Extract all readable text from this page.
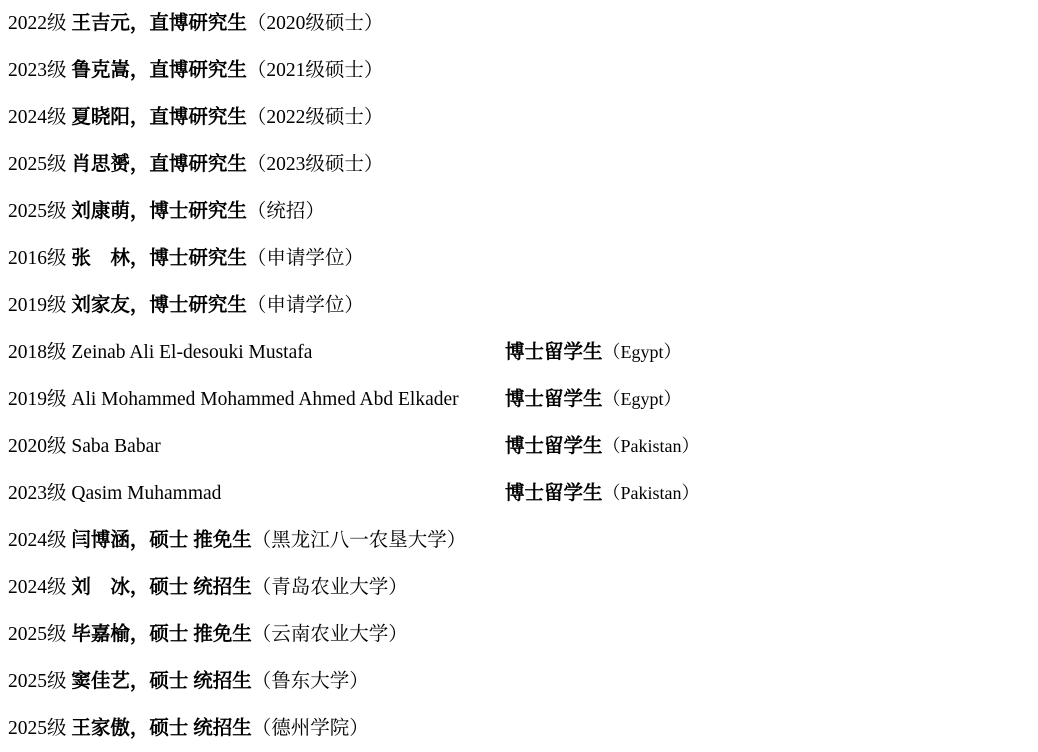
2022级 王吉元，直博研究生（2020级硕士）
2023级 鲁克嵩，直博研究生（2021级硕士）
2024级 夏晓阳，直博研究生（2022级硕士）
2025级 肖思赟，直博研究生（2023级硕士）
2025级 刘康萌，博士研究生（统招）
2016级 张　林，博士研究生（申请学位）
2019级 刘家友，博士研究生（申请学位）
2018级 Zeinab Ali El-desouki Mustafa	博士留学生（Egypt）
2019级 Ali Mohammed Mohammed Ahmed Abd Elkader 博士留学生（Egypt）
2020级 Saba Babar	博士留学生（Pakistan）
2023级 Qasim Muhammad	博士留学生（Pakistan）
2024级 闫博涵，硕士 推免生（黑龙江八一农垦大学）
2024级 刘　冰，硕士 统招生（青岛农业大学）
2025级 毕嘉榆，硕士 推免生（云南农业大学）
2025级 窦佳艺，硕士 统招生（鲁东大学）
2025级 王家傲，硕士 统招生（德州学院）
